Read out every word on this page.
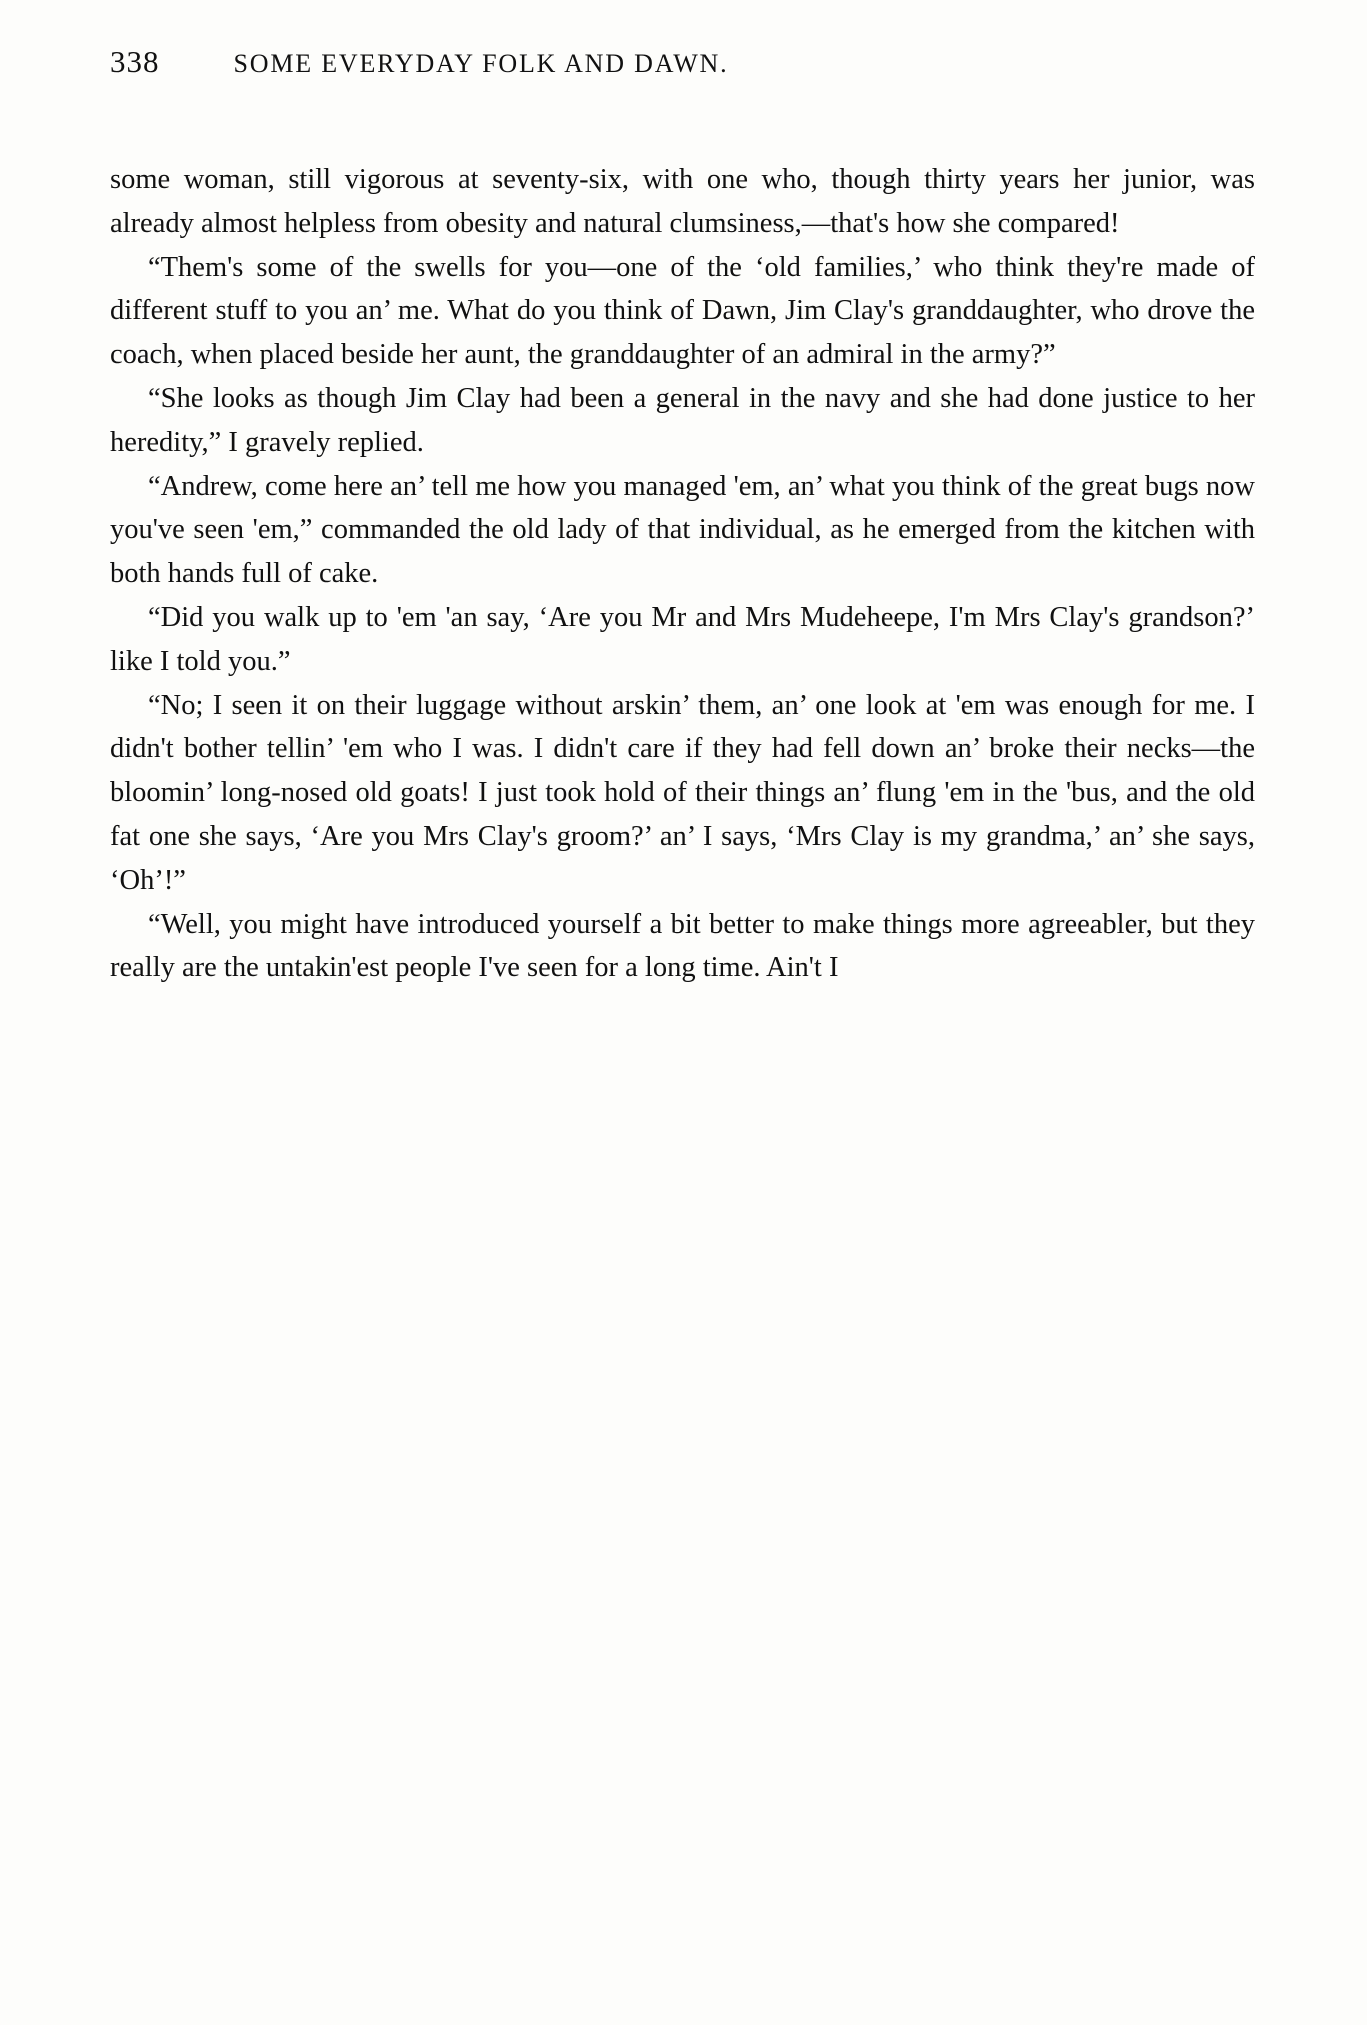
338	SOME EVERYDAY FOLK AND DAWN.

some woman, still vigorous at seventy-six, with one who, though thirty years her junior, was already almost helpless from obesity and natural clumsiness,—that's how she compared!

“Them's some of the swells for you—one of the ‘old families,’ who think they're made of different stuff to you an’ me. What do you think of Dawn, Jim Clay's granddaughter, who drove the coach, when placed beside her aunt, the granddaughter of an admiral in the army?”

“She looks as though Jim Clay had been a general in the navy and she had done justice to her heredity,” I gravely replied.

“Andrew, come here an’ tell me how you managed 'em, an’ what you think of the great bugs now you've seen 'em,” commanded the old lady of that individual, as he emerged from the kitchen with both hands full of cake.

“Did you walk up to 'em 'an say, ‘Are you Mr and Mrs Mudeheepe, I'm Mrs Clay's grandson?’ like I told you.”

“No; I seen it on their luggage without arskin’ them, an’ one look at 'em was enough for me. I didn't bother tellin’ 'em who I was. I didn't care if they had fell down an’ broke their necks—the bloomin’ long-nosed old goats! I just took hold of their things an’ flung 'em in the 'bus, and the old fat one she says, ‘Are you Mrs Clay's groom?’ an’ I says, ‘Mrs Clay is my grandma,’ an’ she says, ‘Oh’!”

“Well, you might have introduced yourself a bit better to make things more agreeabler, but they really are the untakin'est people I've seen for a long time. Ain't I
